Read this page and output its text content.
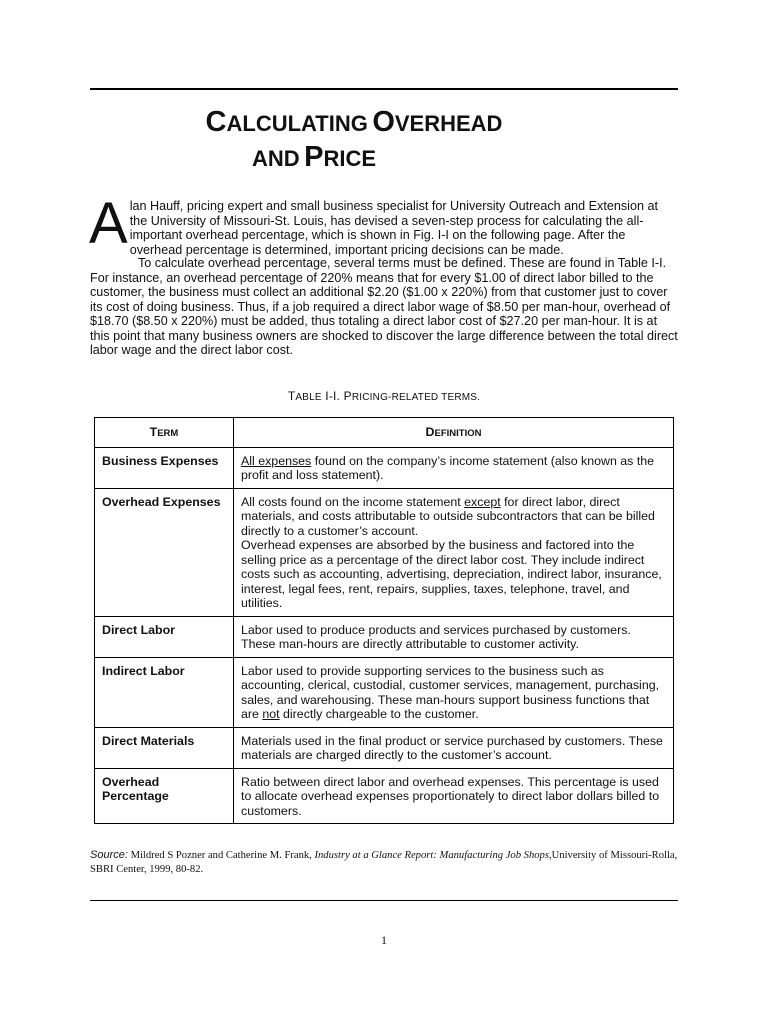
CALCULATING OVERHEAD
AND PRICE
Alan Hauff, pricing expert and small business specialist for University Outreach and Extension at the University of Missouri-St. Louis, has devised a seven-step process for calculating the all-important overhead percentage, which is shown in Fig. I-I on the following page. After the overhead percentage is determined, important pricing decisions can be made.
To calculate overhead percentage, several terms must be defined. These are found in Table I-I. For instance, an overhead percentage of 220% means that for every $1.00 of direct labor billed to the customer, the business must collect an additional $2.20 ($1.00 x 220%) from that customer just to cover its cost of doing business. Thus, if a job required a direct labor wage of $8.50 per man-hour, overhead of $18.70 ($8.50 x 220%) must be added, thus totaling a direct labor cost of $27.20 per man-hour. It is at this point that many business owners are shocked to discover the large difference between the total direct labor wage and the direct labor cost.
TABLE I-I. PRICING-RELATED TERMS.
TERM	DEFINITION
Business Expenses	All expenses found on the company’s income statement (also known as the profit and loss statement).
Overhead Expenses	All costs found on the income statement except for direct labor, direct materials, and costs attributable to outside subcontractors that can be billed directly to a customer’s account.
Overhead expenses are absorbed by the business and factored into the selling price as a percentage of the direct labor cost. They include indirect costs such as accounting, advertising, depreciation, indirect labor, insurance, interest, legal fees, rent, repairs, supplies, taxes, telephone, travel, and utilities.
Direct Labor	Labor used to produce products and services purchased by customers. These man-hours are directly attributable to customer activity.
Indirect Labor	Labor used to provide supporting services to the business such as accounting, clerical, custodial, customer services, management, purchasing, sales, and warehousing. These man-hours support business functions that are not directly chargeable to the customer.
Direct Materials	Materials used in the final product or service purchased by customers. These materials are charged directly to the customer’s account.
Overhead
Percentage	Ratio between direct labor and overhead expenses. This percentage is used to allocate overhead expenses proportionately to direct labor dollars billed to customers.
Source: Mildred S Pozner and Catherine M. Frank, Industry at a Glance Report: Manufacturing Job Shops,University of Missouri-Rolla, SBRI Center, 1999, 80-82.
1
